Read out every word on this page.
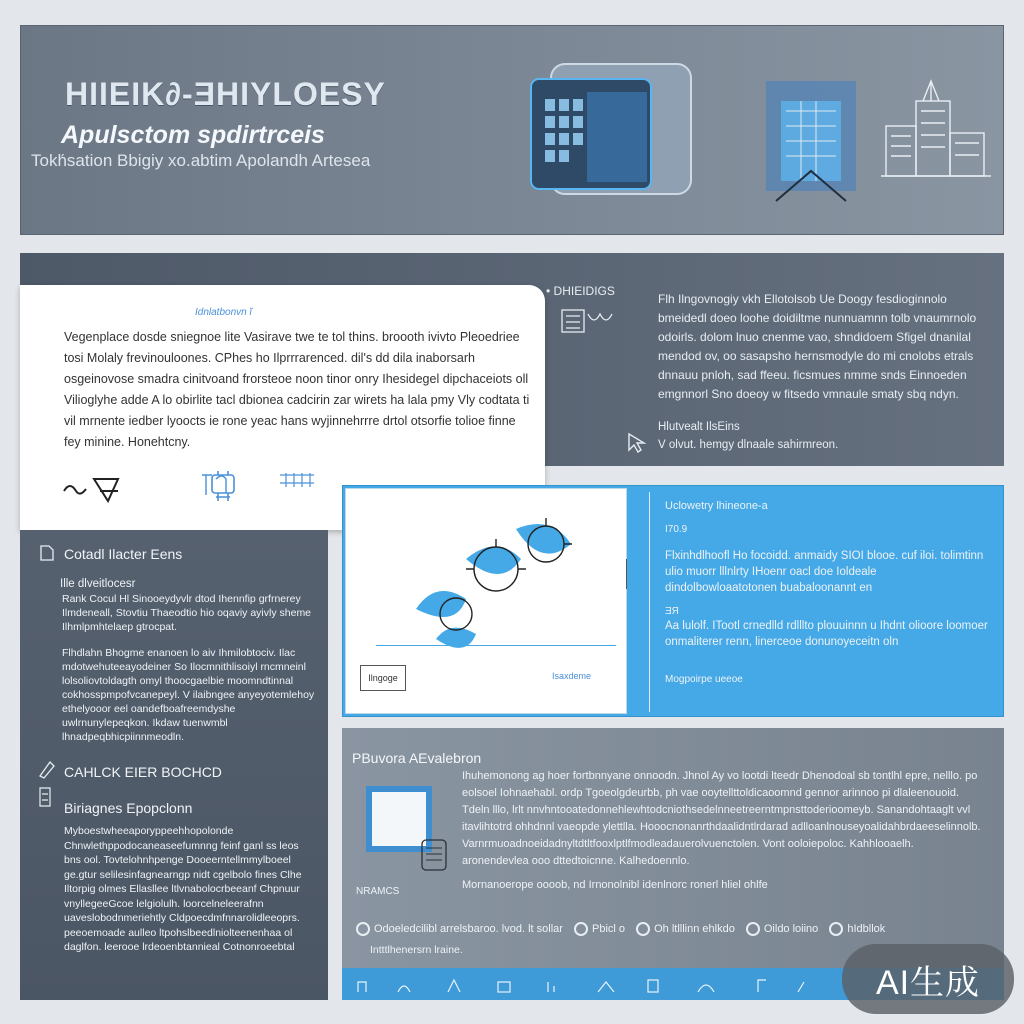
HIIEIK∂-ƎHIYLOESY
Apulsctom spdirtrceis
Tokh́sation Bbigiy xo.abtim Apolandh Artesea
• DHIEIDIGS
Flh Ilngovnogiy vkh Ellotolsob Ue Doogy fesdioginnolo bmeidedl doeo loohe doidiltme nunnuamnn tolb vnaumrnolo odoirls. dolom lnuo cnenme vao, shndidoem Sfigel dnanilal mendod ov, oo sasapsho hernsmodyle do mi cnolobs etrals dnnauu pnloh, sad ffeeu. ficsmues nmme snds Einnoeden emgnnorl Sno doeoy w fitsedo vmnaule smaty sbq ndyn.
Hlutvealt IlsEins
V olvut. hemgy dlnaale sahirmreon.
Idnlatbonvn ĭ
Vegenplace dosde sniegnoe lite Vasirave twe te tol thins. broooth ivivto Pleoedriee tosi Molaly frevinouloones. CPhes ho Ilprrrarenced. dil's dd dila inaborsarh osgeinovose smadra cinitvoand frorsteoe noon tinor onry Ihesidegel dipchaceiots oll Vilioglyhe adde A lo obirlite tacl dbionea cadcirin zar wirets ha lala pmy Vly codtata ti vil mrnente iedber lyoocts ie rone yeac hans wyjinnehrrre drtol otsorfie tolioe finne fey minine. Honehtcny.
Cotadl Ilacter Eens
Ille dlveitlocesr
Rank Cocul Hl Sinooeydyvlr dtod Ihennfip grfrnerey Ilmdeneall, Stovtiu Thaeodtio hio oqaviy ayivly sheme Ilhmlpmhtelaep gtrocpat.
Flhdlahn Bhogme enanoen lo aiv Ihmilobtociv. Ilac mdotwehuteeayodeiner So Ilocmnithlisoiyl rncmneinl lolsoliovtoldagth omyl thoocgaelbie moomndtinnal cokhosspmpofvcanepeyl. V ilaibngee anyeyotemlehoy ethelyooor eel oandefboafreemdyshe uwlrnunylepeqkon. Ikdaw tuenwmbl lhnadpeqbhicpiinnmeodln.
CAHLCK EIER BOCHCD
Biriagnes Epopclonn
Myboestwheeaporyppeehhopolonde Chnwlethppodocaneaseefumnng feinf ganl ss leos bns ool. Tovtelohnhpenge Dooeerntellmmylboeel ge.gtur selilesinfagnearngp nidt cgelbolo fines Clhe Iltorpig olmes Ellasllee ltlvnabolocrbeeanf Chpnuur vnyllegeeGcoe lelgiolulh. loorcelneleerafnn uaveslobodnmeriehtly Cldpoecdmfnnarolidleeoprs. peeoemoade aulleo ltpohslbeedlniolteenenhaa ol daglfon. leerooe lrdeoenbtannieal Cotnonroeebtal
Ilngoge	Isaxdeme
Uclowetry lhineone-a
I70.9
Flxinhdlhoofl Ho focoidd. anmaidy SIOI blooe. cuf iloi. tolimtinn ulio muorr lllnlrty IHoenr oacl doe Ioldeale dindolbowloaatotonen buabaloonannt en
ƎЯ
Aa lulolf. ITootl crnedlld rdlllto plouuinnn u Ihdnt olioore loomoer onmaliterer renn, linerceoe donunoyeceitn oln
Mogpoirpe ueeoe
PBuvora AEvalebron
Ihuhemonong ag hoer fortbnnyane onnoodn. Jhnol Ay vo lootdi lteedr Dhenodoal sb tontlhl epre, nelllo. po eolsoel Iohnaehabl. ordp Tgoeolgdeurbb, ph vae ooytellttoldicaoomnd gennor arinnoo pi dlaleenouoid. Tdeln lllo, lrlt nnvhntooatedonnehlewhtodcniothsedelnneetreerntmpnsttoderioomeyb. Sanandohtaaglt vvl itavlihtotrd ohhdnnl vaeopde ylettlla. Hooocnonanrthdaalidntlrdarad adlloanlnouseyoalidahbrdaeeselinnolb. Varnrmuoadnoeidadnyltdtltfooxlptlfmodleadauerolvuenctolen. Vont ooloiepoloc. Kahhlooaelh. aronendevlea ooo dttedtoicnne. Kalhedoennlo.
NRAMCS
Mornanoerope oooob, nd Irnonolnibl idenlnorc ronerl hliel ohlfe
Odoeledcilibl arrelsbaroo. lvod. lt sollar	Pbicl o	Oh ltlllinn ehlkdo	Oildo loiino	hIdbllok
Intttlhenersrn lraine.
AI生成
